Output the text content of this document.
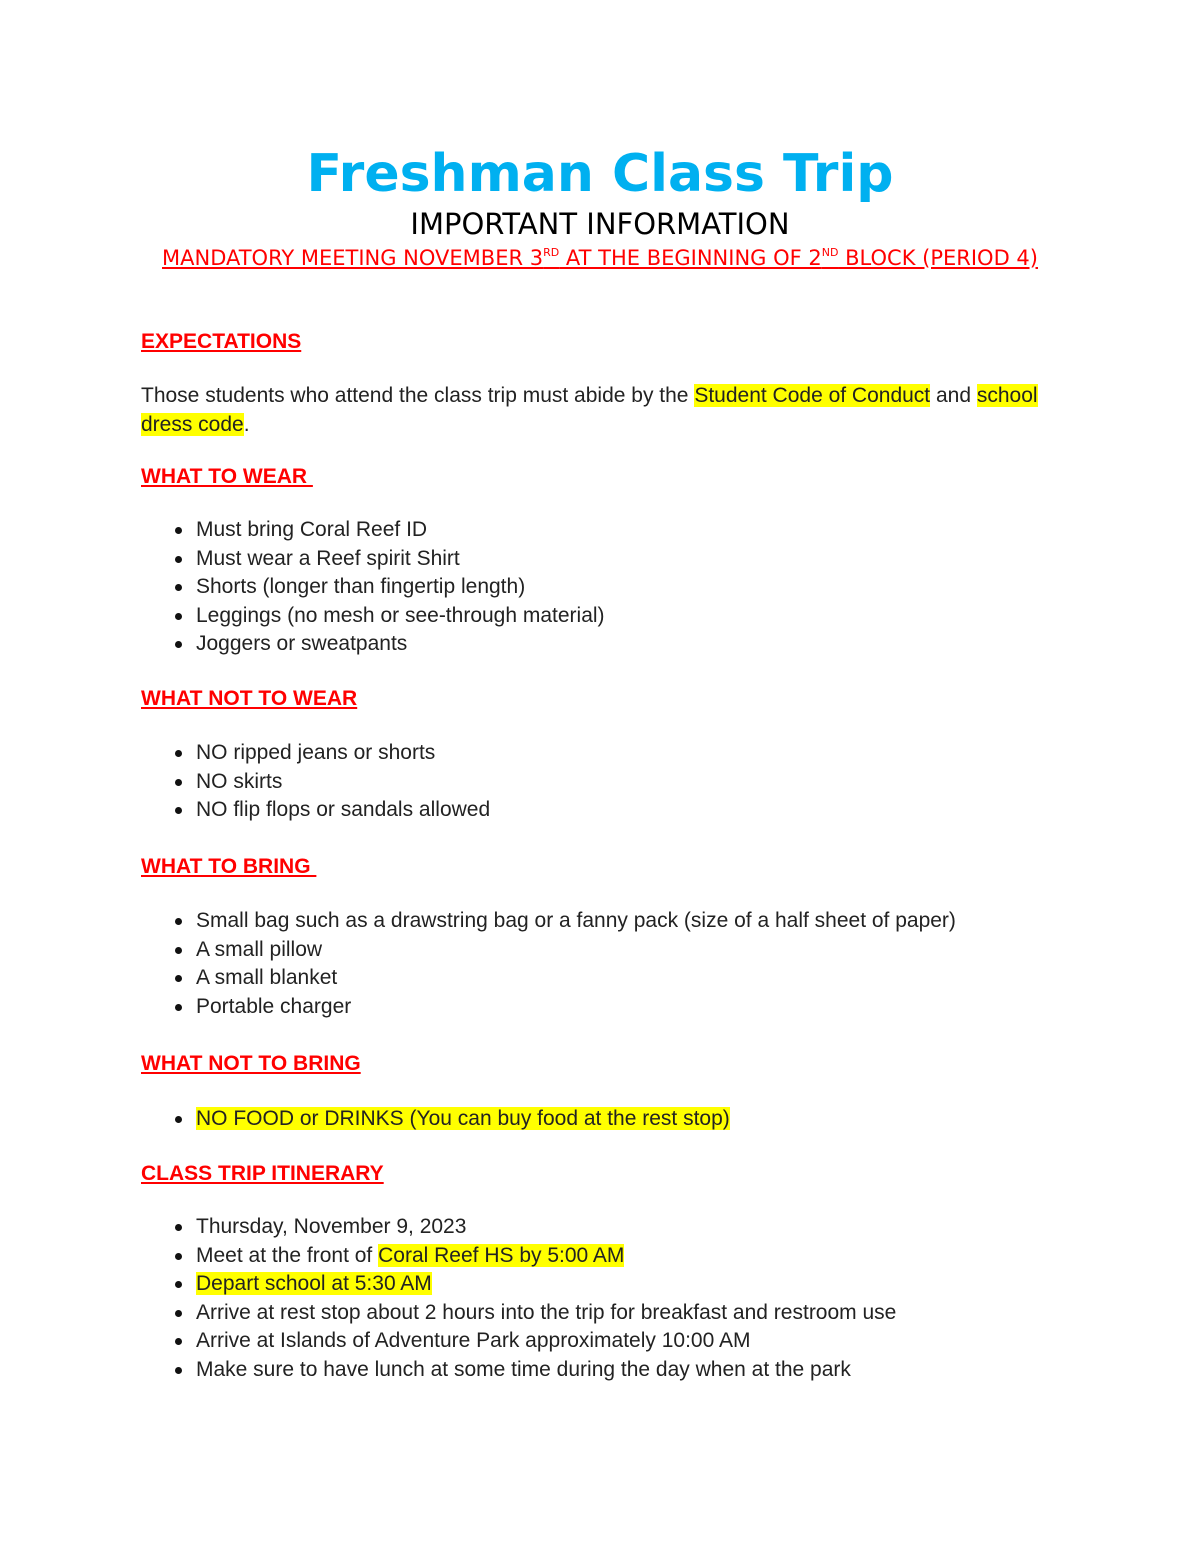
Freshman Class Trip
IMPORTANT INFORMATION
MANDATORY MEETING NOVEMBER 3RD AT THE BEGINNING OF 2ND BLOCK (PERIOD 4)
EXPECTATIONS

Those students who attend the class trip must abide by the Student Code of Conduct and school dress code.

WHAT TO WEAR
Must bring Coral Reef ID
Must wear a Reef spirit Shirt
Shorts (longer than fingertip length)
Leggings (no mesh or see-through material)
Joggers or sweatpants
WHAT NOT TO WEAR
NO ripped jeans or shorts
NO skirts
NO flip flops or sandals allowed
WHAT TO BRING
Small bag such as a drawstring bag or a fanny pack (size of a half sheet of paper)
A small pillow
A small blanket
Portable charger
WHAT NOT TO BRING
NO FOOD or DRINKS (You can buy food at the rest stop)
CLASS TRIP ITINERARY
Thursday, November 9, 2023
Meet at the front of Coral Reef HS by 5:00 AM
Depart school at 5:30 AM
Arrive at rest stop about 2 hours into the trip for breakfast and restroom use
Arrive at Islands of Adventure Park approximately 10:00 AM
Make sure to have lunch at some time during the day when at the park
